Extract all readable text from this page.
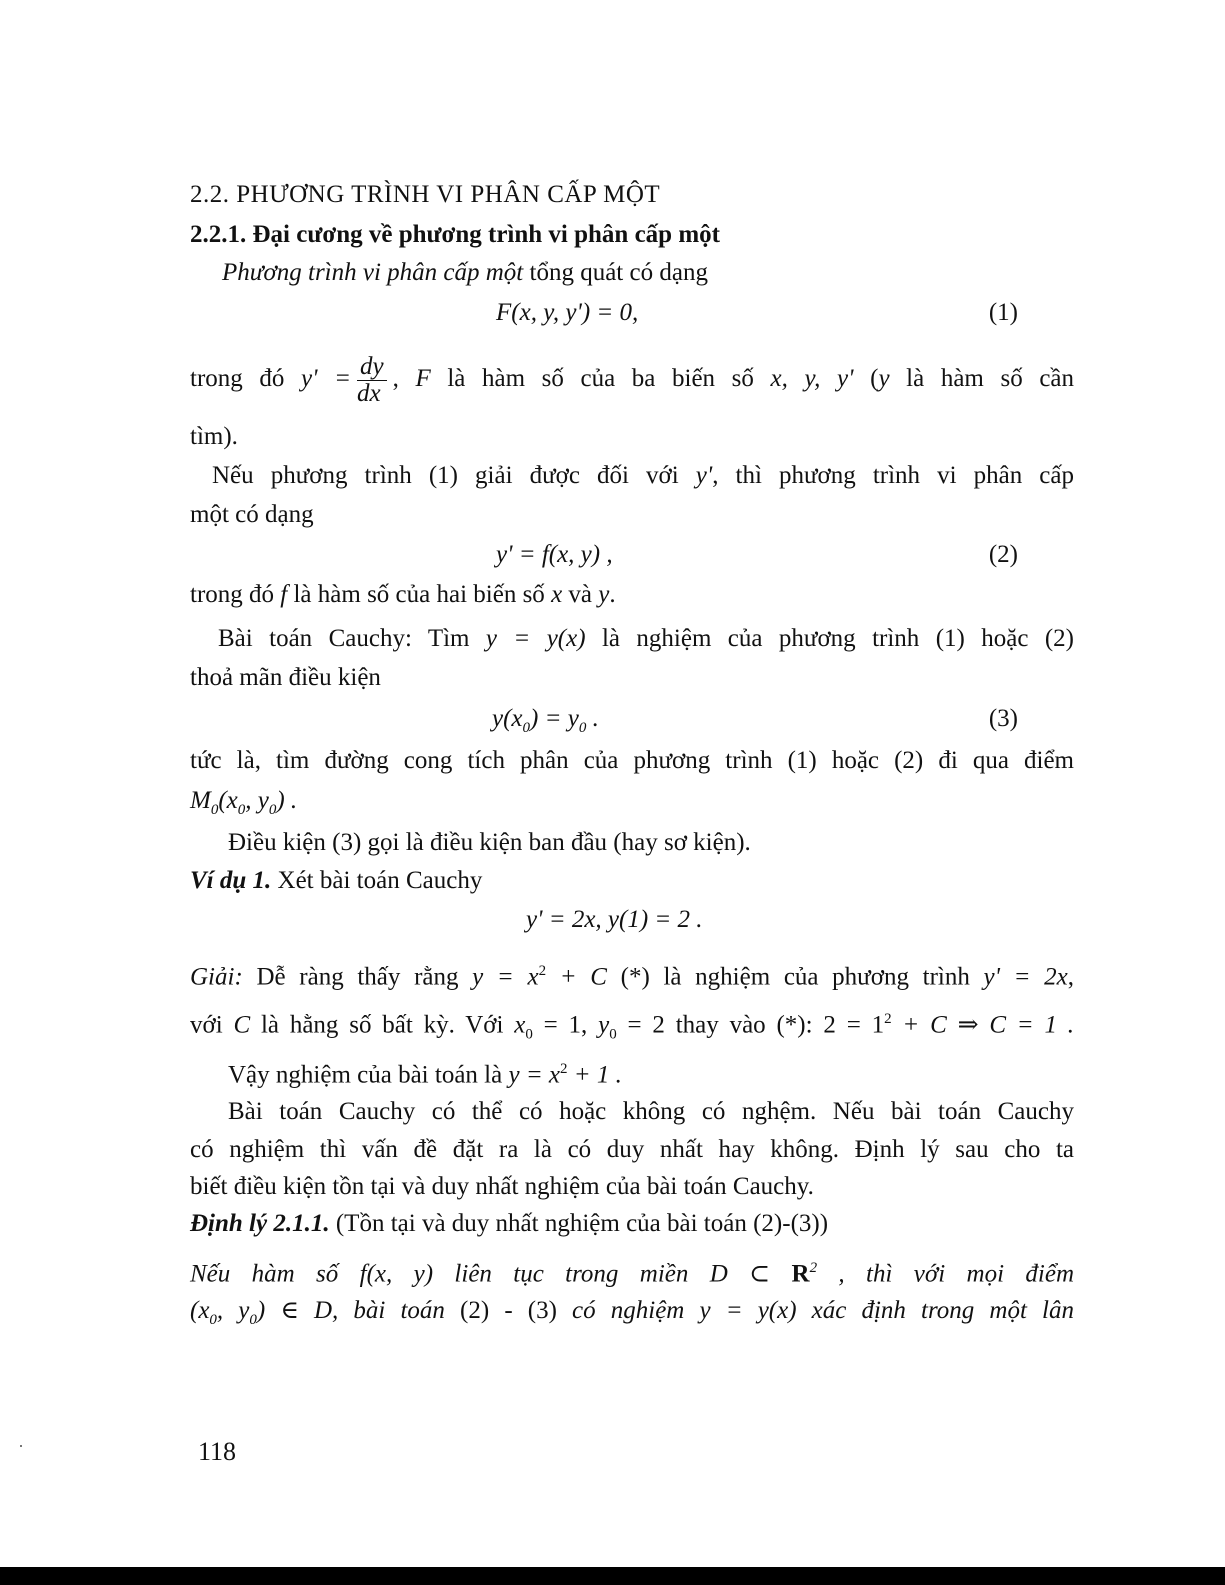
2.2. PHƯƠNG TRÌNH VI PHÂN CẤP MỘT
2.2.1. Đại cương về phương trình vi phân cấp một
Phương trình vi phân cấp một tổng quát có dạng
F(x, y, y') = 0,	(1)
trong đó $y' = \frac{dy}{dx}$ , F là hàm số của ba biến số x, y, y' (y là hàm số cần
tìm).
Nếu phương trình (1) giải được đối với y', thì phương trình vi phân cấp
một có dạng
y' = f(x, y) ,	(2)
trong đó f là hàm số của hai biến số x và y.
Bài toán Cauchy: Tìm y = y(x) là nghiệm của phương trình (1) hoặc (2)
thoả mãn điều kiện
$y(x_0) = y_0$ .	(3)
tức là, tìm đường cong tích phân của phương trình (1) hoặc (2) đi qua điểm
$M_0(x_0$, $y_0$) .
Điều kiện (3) gọi là điều kiện ban đầu (hay sơ kiện).
Ví dụ 1. Xét bài toán Cauchy
y' = 2x, y(1) = 2 .
Giải: Dễ ràng thấy rằng $y = x^2 + C$ (*) là nghiệm của phương trình y' = 2x,
với C là hằng số bất kỳ. Với $x_0 = 1$, $y_0 = 2$ thay vào (*): $2 = 1^2 + C$ ⇒ C = 1 .
Vậy nghiệm của bài toán là $y = x^2 + 1$ .
Bài toán Cauchy có thể có hoặc không có nghệm. Nếu bài toán Cauchy
có nghiệm thì vấn đề đặt ra là có duy nhất hay không. Định lý sau cho ta
biết điều kiện tồn tại và duy nhất nghiệm của bài toán Cauchy.
Định lý 2.1.1. (Tồn tại và duy nhất nghiệm của bài toán (2)-(3))
Nếu hàm số f(x, y) liên tục trong miền D ⊂ $R^2$ , thì với mọi điểm
($x_0$, $y_0$) ∈ D, bài toán (2) - (3) có nghiệm y = y(x) xác định trong một lân
118
